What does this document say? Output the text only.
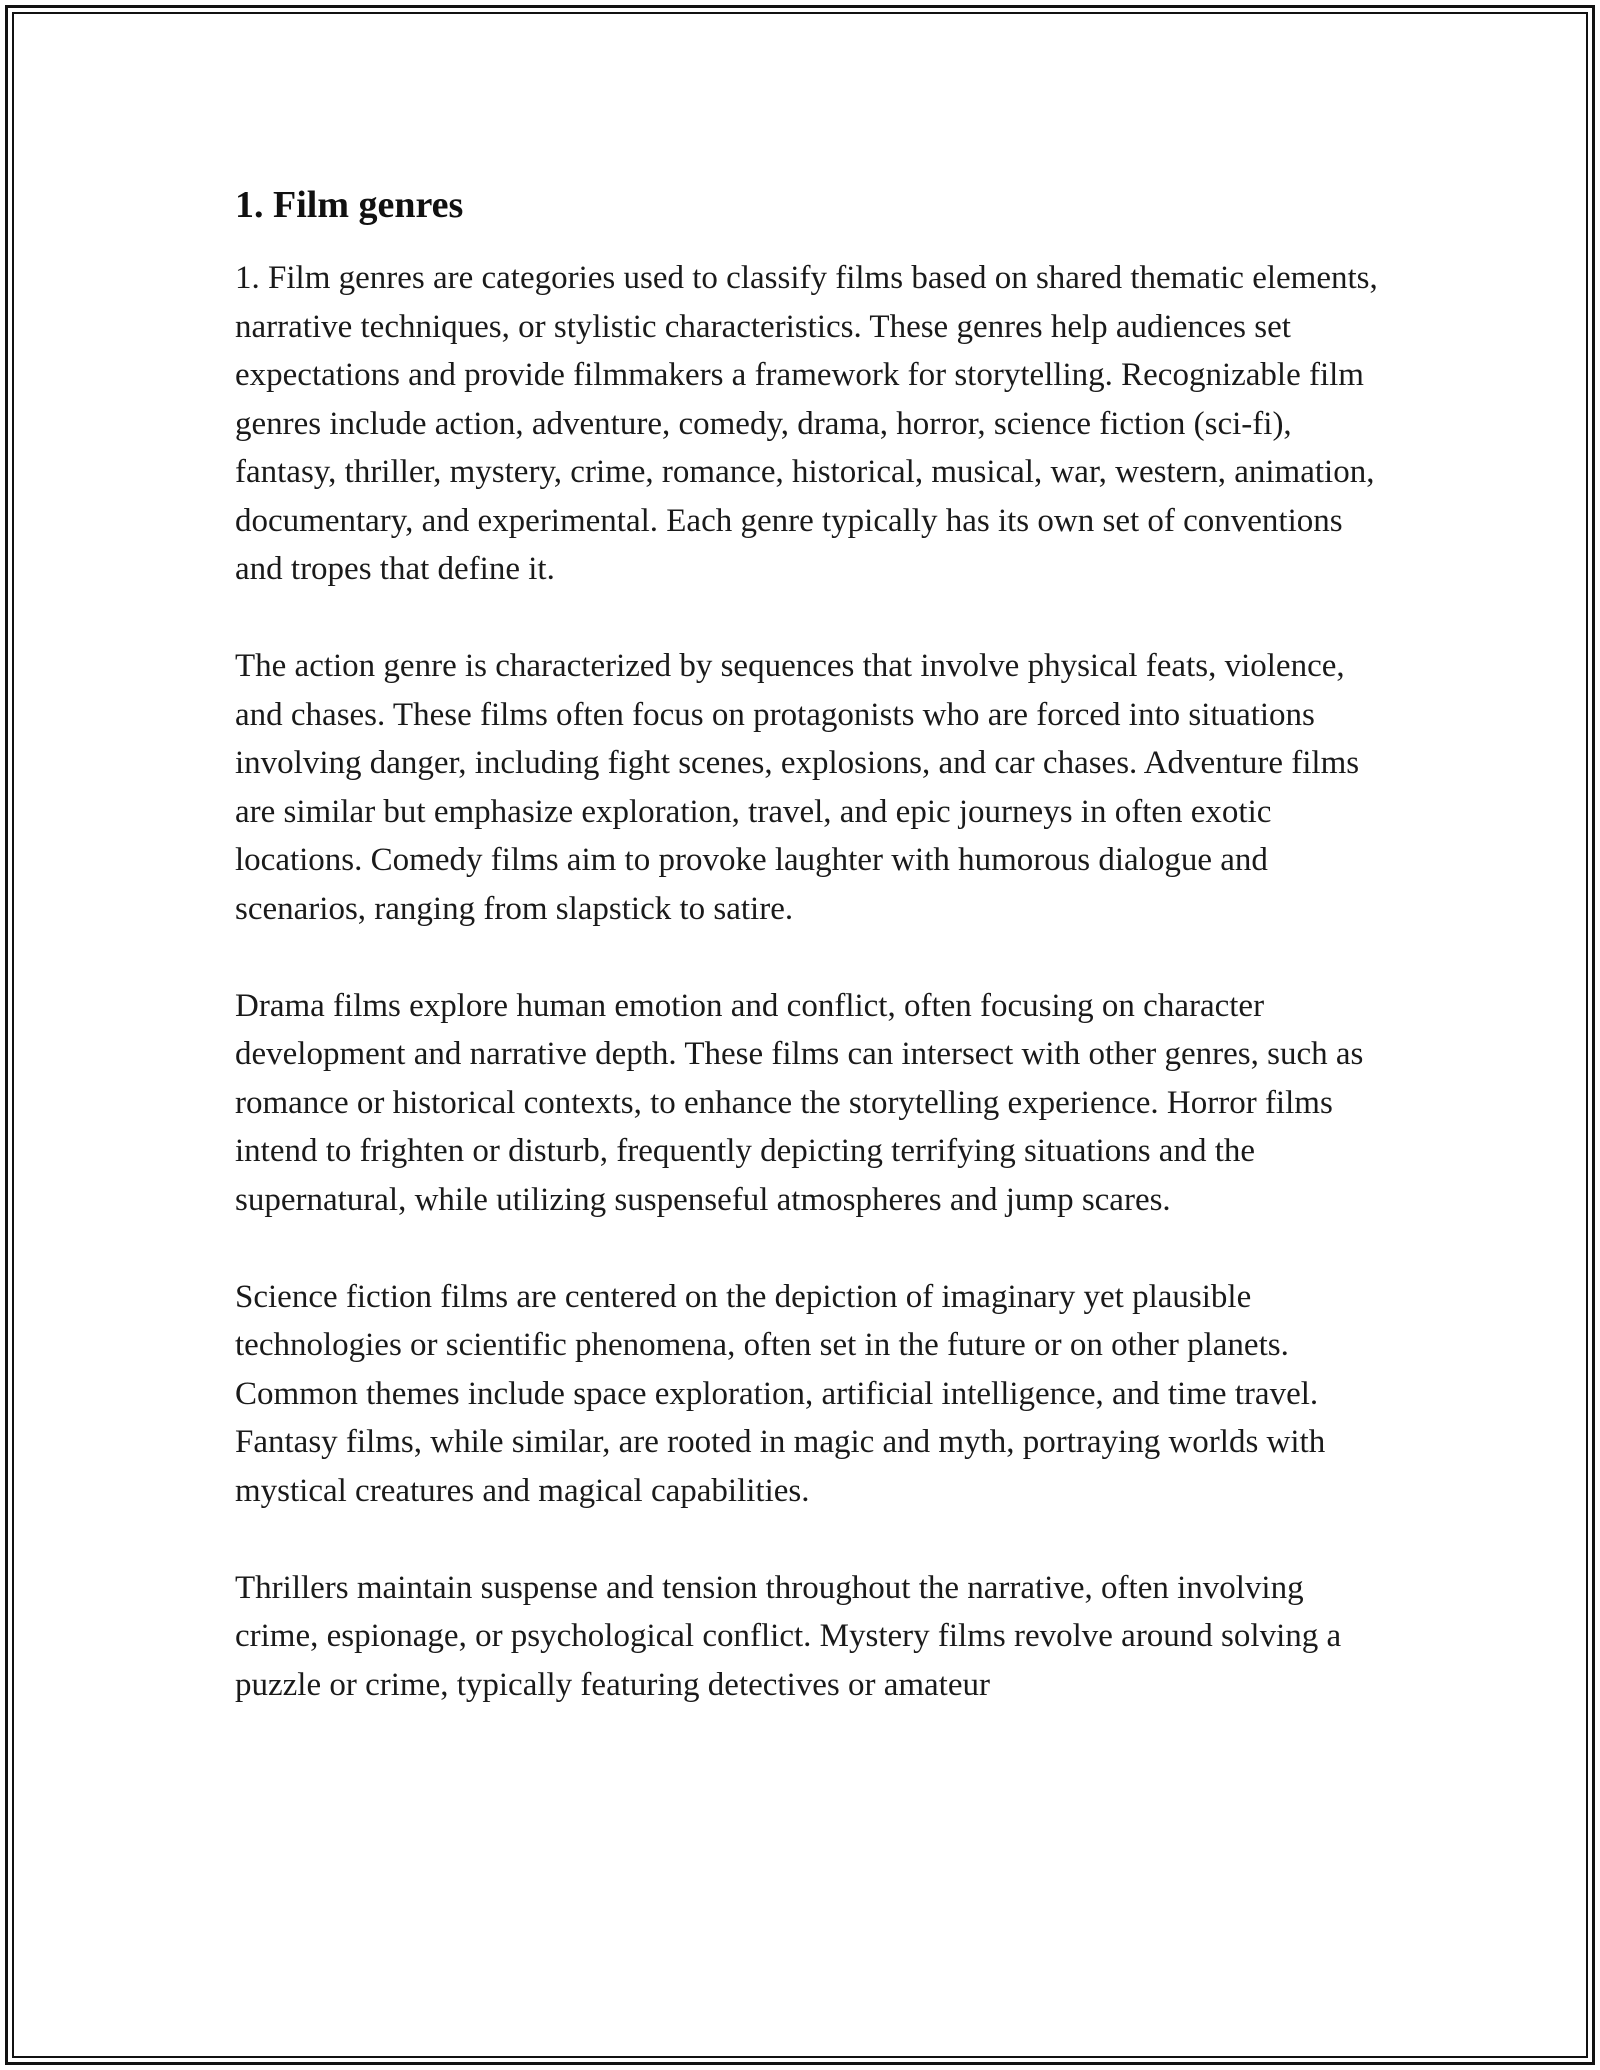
1. Film genres

1. Film genres are categories used to classify films based on shared thematic elements, narrative techniques, or stylistic characteristics. These genres help audiences set expectations and provide filmmakers a framework for storytelling. Recognizable film genres include action, adventure, comedy, drama, horror, science fiction (sci-fi), fantasy, thriller, mystery, crime, romance, historical, musical, war, western, animation, documentary, and experimental. Each genre typically has its own set of conventions and tropes that define it.

The action genre is characterized by sequences that involve physical feats, violence, and chases. These films often focus on protagonists who are forced into situations involving danger, including fight scenes, explosions, and car chases. Adventure films are similar but emphasize exploration, travel, and epic journeys in often exotic locations. Comedy films aim to provoke laughter with humorous dialogue and scenarios, ranging from slapstick to satire.

Drama films explore human emotion and conflict, often focusing on character development and narrative depth. These films can intersect with other genres, such as romance or historical contexts, to enhance the storytelling experience. Horror films intend to frighten or disturb, frequently depicting terrifying situations and the supernatural, while utilizing suspenseful atmospheres and jump scares.

Science fiction films are centered on the depiction of imaginary yet plausible technologies or scientific phenomena, often set in the future or on other planets. Common themes include space exploration, artificial intelligence, and time travel. Fantasy films, while similar, are rooted in magic and myth, portraying worlds with mystical creatures and magical capabilities.

Thrillers maintain suspense and tension throughout the narrative, often involving crime, espionage, or psychological conflict. Mystery films revolve around solving a puzzle or crime, typically featuring detectives or amateur
